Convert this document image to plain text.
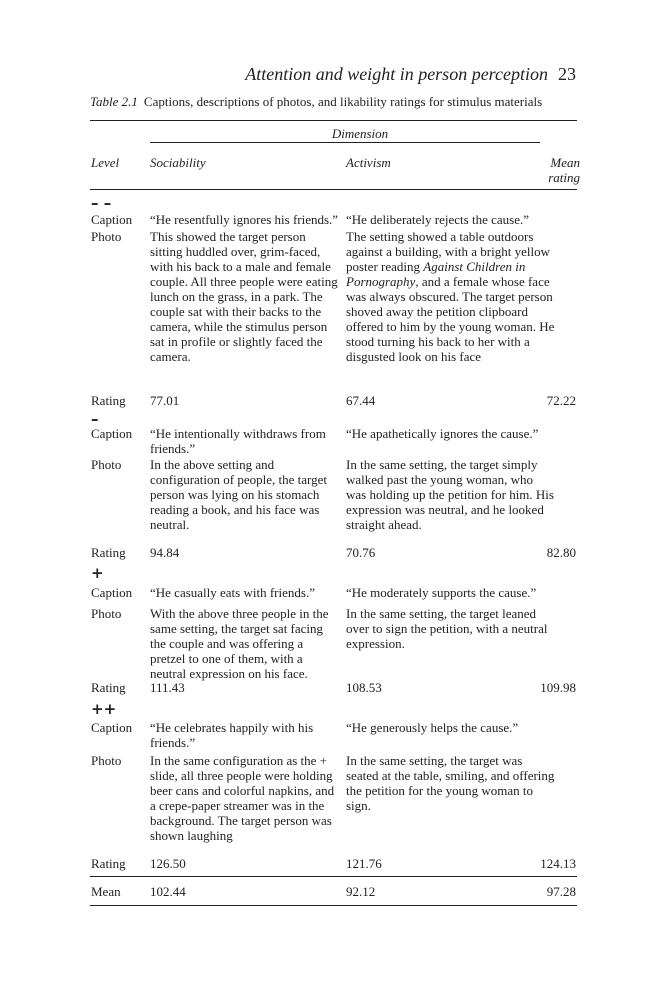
Attention and weight in person perception 23
Table 2.1 Captions, descriptions of photos, and likability ratings for stimulus materials
Dimension
Level Sociability	Activism	Mean rating
– –
Caption “He resentfully ignores his friends.” “He deliberately rejects the cause.”
Photo This showed the target person sitting huddled over, grim-faced, with his back to a male and female couple. All three people were eating lunch on the grass, in a park. The couple sat with their backs to the camera, while the stimulus person sat in profile or slightly faced the camera.
The setting showed a table outdoors against a building, with a bright yellow poster reading Against Children in Pornography, and a female whose face was always obscured. The target person shoved away the petition clipboard offered to him by the young woman. He stood turning his back to her with a disgusted look on his face
Rating 77.01	67.44	72.22
–
Caption “He intentionally withdraws from friends.”
“He apathetically ignores the cause.”
Photo In the above setting and configuration of people, the target person was lying on his stomach reading a book, and his face was neutral.
In the same setting, the target simply walked past the young woman, who was holding up the petition for him. His expression was neutral, and he looked straight ahead.
Rating 94.84	70.76	82.80
+
Caption “He casually eats with friends.”	“He moderately supports the cause.”
Photo With the above three people in the same setting, the target sat facing the couple and was offering a pretzel to one of them, with a neutral expression on his face.
In the same setting, the target leaned over to sign the petition, with a neutral expression.
Rating 111.43	108.53	109.98
++
Caption “He celebrates happily with his friends.”
“He generously helps the cause.”
Photo In the same configuration as the + slide, all three people were holding beer cans and colorful napkins, and a crepe-paper streamer was in the background. The target person was shown laughing
In the same setting, the target was seated at the table, smiling, and offering the petition for the young woman to sign.
Rating 126.50	121.76	124.13
Mean 102.44	92.12	97.28
